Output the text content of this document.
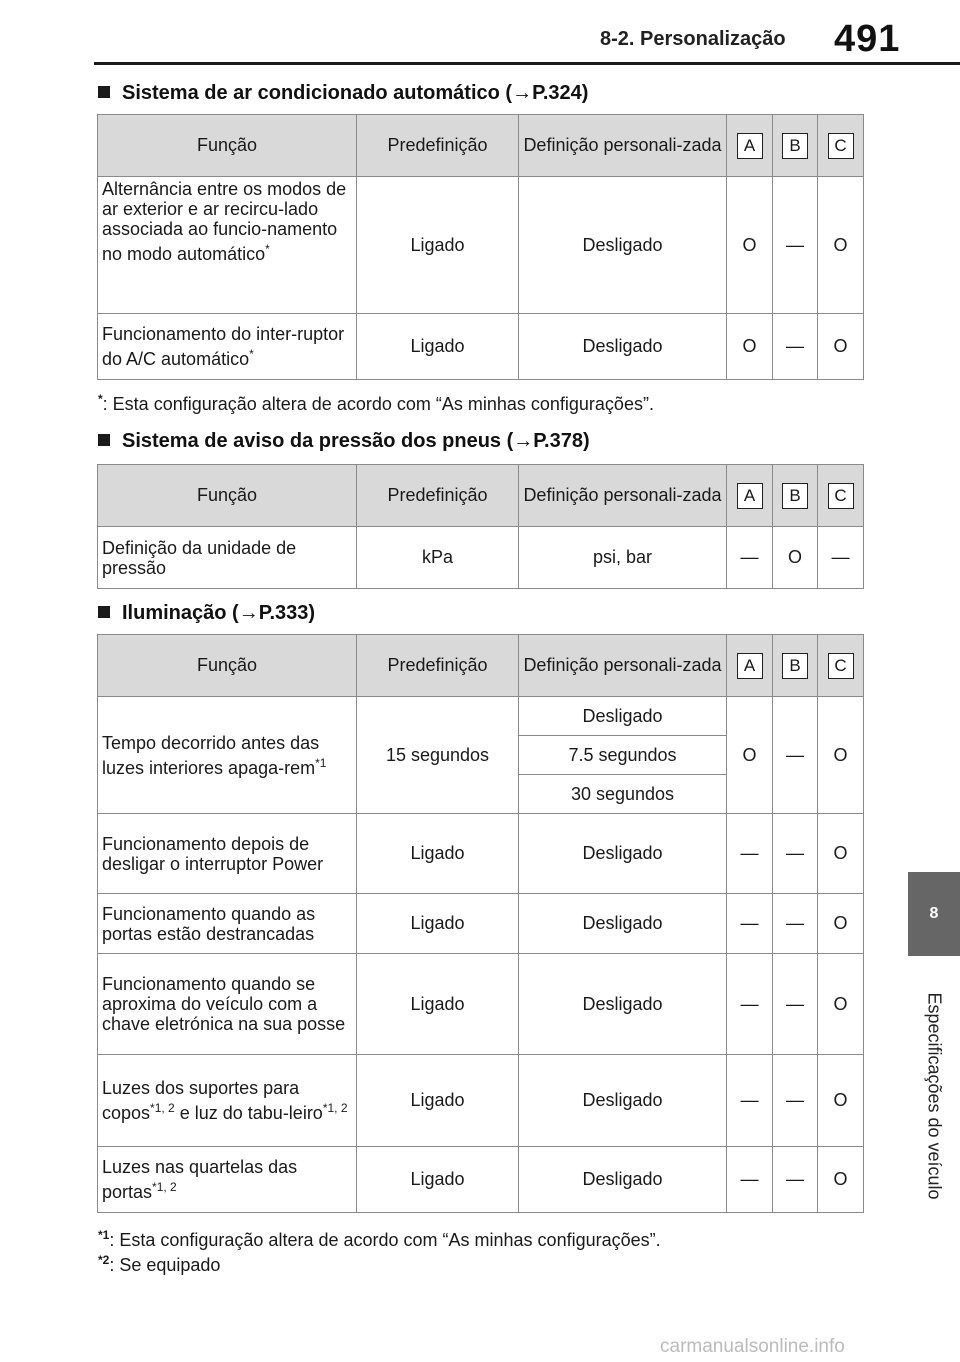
8-2. Personalização 491
8
Especificações do veículo
Sistema de ar condicionado automático (→P.324)
Função	Predefinição	Definição personali-zada	A	B	C
Alternância entre os modos de ar exterior e ar recircu-lado associada ao funcio-namento no modo automático*	Ligado	Desligado	O	—	O
Funcionamento do inter-ruptor do A/C automático*	Ligado	Desligado	O	—	O
*: Esta configuração altera de acordo com “As minhas configurações”.
Sistema de aviso da pressão dos pneus (→P.378)
Função	Predefinição	Definição personali-zada	A	B	C
Definição da unidade de pressão	kPa	psi, bar	—	O	—
Iluminação (→P.333)
Função	Predefinição	Definição personali-zada	A	B	C
Tempo decorrido antes das luzes interiores apaga-rem$^{*1}$	15 segundos	Desligado	O	—	O
		7.5 segundos			
		30 segundos			
Funcionamento depois de desligar o interruptor Power	Ligado	Desligado	—	—	O
Funcionamento quando as portas estão destrancadas	Ligado	Desligado	—	—	O
Funcionamento quando se aproxima do veículo com a chave eletrónica na sua posse	Ligado	Desligado	—	—	O
Luzes dos suportes para copos$^{*1, 2}$ e luz do tabu-leiro$^{*1, 2}$	Ligado	Desligado	—	—	O
Luzes nas quartelas das portas$^{*1, 2}$	Ligado	Desligado	—	—	O
$^{*1}$: Esta configuração altera de acordo com “As minhas configurações”.
$^{*2}$: Se equipado
carmanualsonline.info
